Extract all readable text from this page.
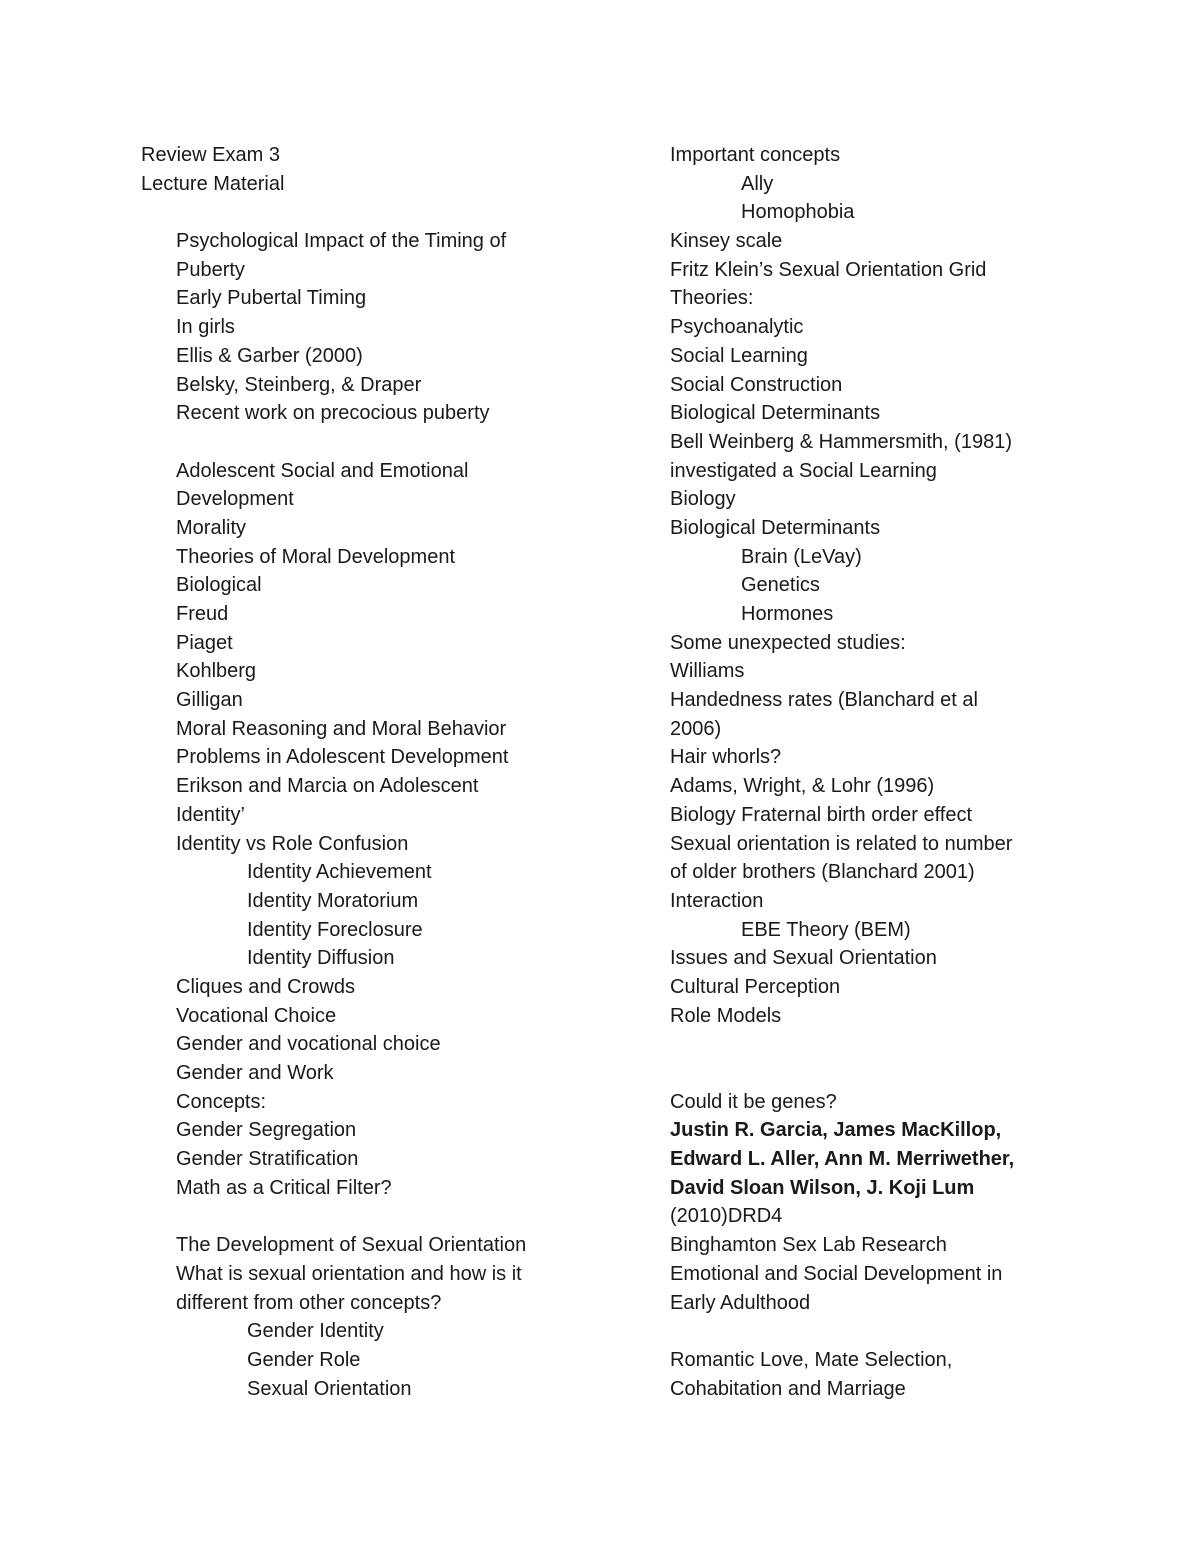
Review Exam 3
Lecture Material
Psychological Impact of the Timing of
Puberty
Early Pubertal Timing
In girls
Ellis & Garber (2000)
Belsky, Steinberg, & Draper
Recent work on precocious puberty
Adolescent Social and Emotional
Development
Morality
Theories of Moral Development
Biological
Freud
Piaget
Kohlberg
Gilligan
Moral Reasoning and Moral Behavior
Problems in Adolescent Development
Erikson and Marcia on Adolescent
Identity’
Identity vs Role Confusion
Identity Achievement
Identity Moratorium
Identity Foreclosure
Identity Diffusion
Cliques and Crowds
Vocational Choice
Gender and vocational choice
Gender and Work
Concepts:
Gender Segregation
Gender Stratification
Math as a Critical Filter?
The Development of Sexual Orientation
What is sexual orientation and how is it
different from other concepts?
Gender Identity
Gender Role
Sexual Orientation
Important concepts
Ally
Homophobia
Kinsey scale
Fritz Klein’s Sexual Orientation Grid
Theories:
Psychoanalytic
Social Learning
Social Construction
Biological Determinants
Bell Weinberg & Hammersmith, (1981)
investigated a Social Learning
Biology
Biological Determinants
Brain (LeVay)
Genetics
Hormones
Some unexpected studies:
Williams
Handedness rates (Blanchard et al
2006)
Hair whorls?
Adams, Wright, & Lohr (1996)
Biology Fraternal birth order effect
Sexual orientation is related to number
of older brothers (Blanchard 2001)
Interaction
EBE Theory (BEM)
Issues and Sexual Orientation
Cultural Perception
Role Models
Could it be genes?
Justin R. Garcia, James MacKillop,
Edward L. Aller, Ann M. Merriwether,
David Sloan Wilson, J. Koji Lum
(2010)DRD4
Binghamton Sex Lab Research
Emotional and Social Development in
Early Adulthood
Romantic Love, Mate Selection,
Cohabitation and Marriage
